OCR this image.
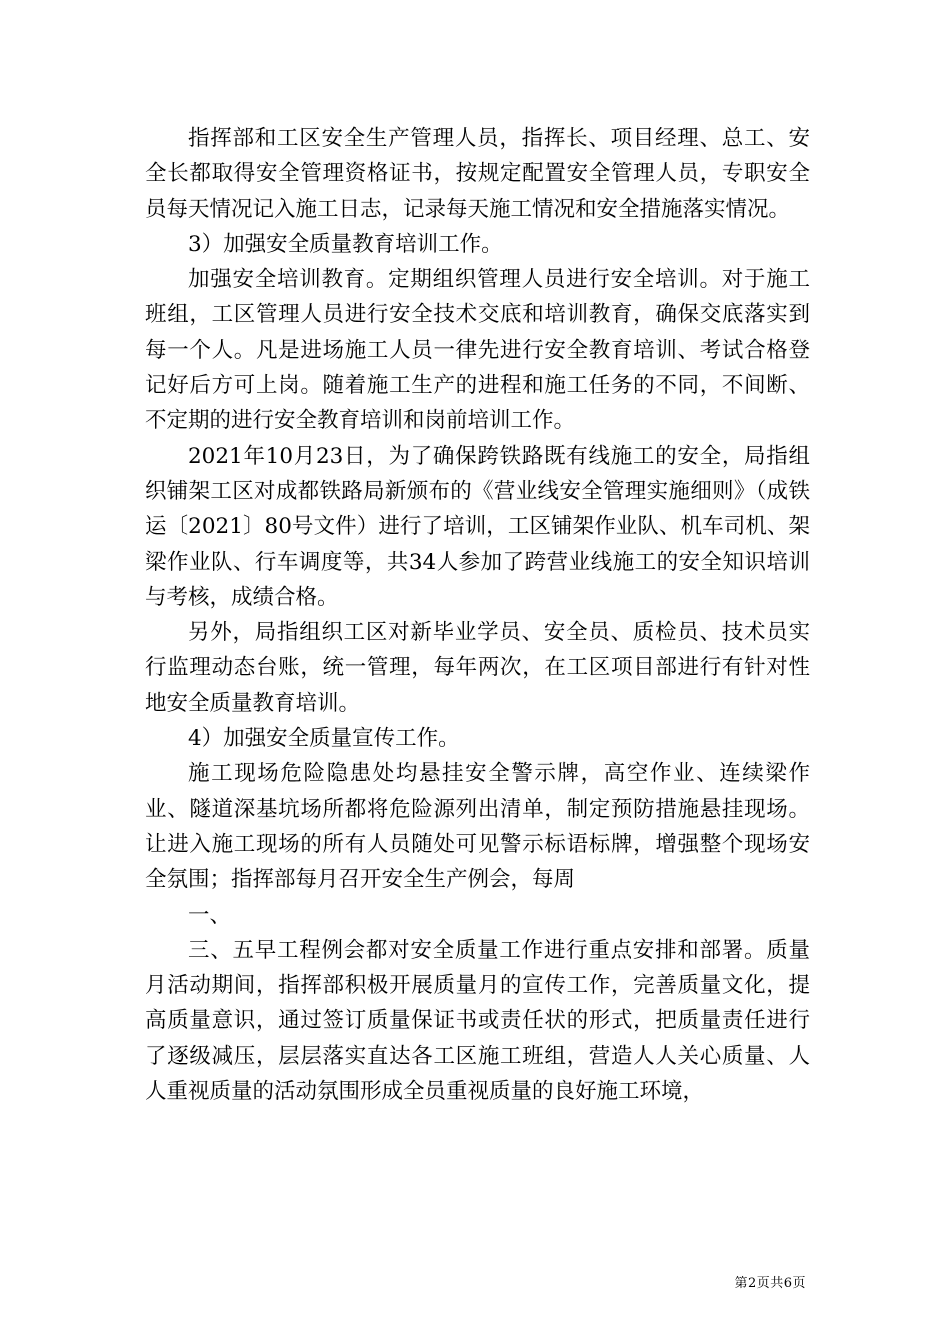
指挥部和工区安全生产管理人员，指挥长、项目经理、总工、安全长都取得安全管理资格证书，按规定配置安全管理人员，专职安全员每天情况记入施工日志，记录每天施工情况和安全措施落实情况。

3）加强安全质量教育培训工作。

加强安全培训教育。定期组织管理人员进行安全培训。对于施工班组，工区管理人员进行安全技术交底和培训教育，确保交底落实到每一个人。凡是进场施工人员一律先进行安全教育培训、考试合格登记好后方可上岗。随着施工生产的进程和施工任务的不同，不间断、不定期的进行安全教育培训和岗前培训工作。

2021年10月23日，为了确保跨铁路既有线施工的安全，局指组织铺架工区对成都铁路局新颁布的《营业线安全管理实施细则》（成铁运〔2021〕80号文件）进行了培训，工区铺架作业队、机车司机、架梁作业队、行车调度等，共34人参加了跨营业线施工的安全知识培训与考核，成绩合格。

另外，局指组织工区对新毕业学员、安全员、质检员、技术员实行监理动态台账，统一管理，每年两次，在工区项目部进行有针对性地安全质量教育培训。

4）加强安全质量宣传工作。

施工现场危险隐患处均悬挂安全警示牌，高空作业、连续梁作业、隧道深基坑场所都将危险源列出清单，制定预防措施悬挂现场。让进入施工现场的所有人员随处可见警示标语标牌，增强整个现场安全氛围；指挥部每月召开安全生产例会，每周

一、

三、五早工程例会都对安全质量工作进行重点安排和部署。质量月活动期间，指挥部积极开展质量月的宣传工作，完善质量文化，提高质量意识，通过签订质量保证书或责任状的形式，把质量责任进行了逐级减压，层层落实直达各工区施工班组，营造人人关心质量、人人重视质量的活动氛围形成全员重视质量的良好施工环境，

第2页共6页
